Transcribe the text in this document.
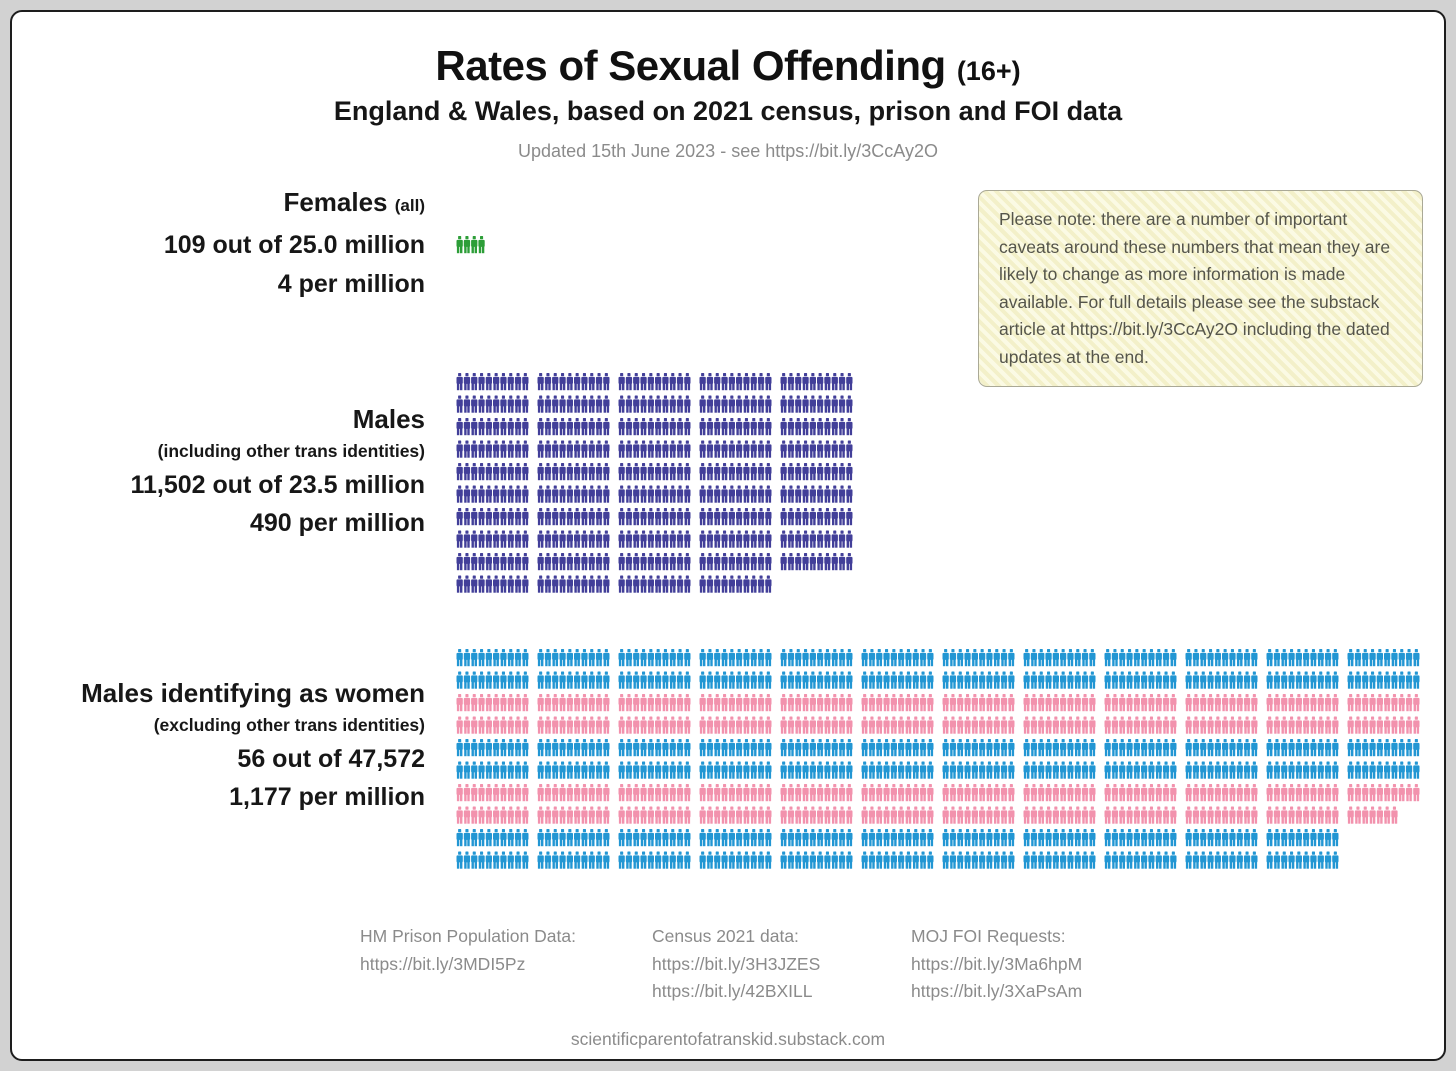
Rates of Sexual Offending (16+)
England & Wales, based on 2021 census, prison and FOI data
Updated 15th June 2023 - see https://bit.ly/3CcAy2O
Please note: there are a number of important caveats around these numbers that mean they are likely to change as more information is made available. For full details please see the substack article at https://bit.ly/3CcAy2O including the dated updates at the end.
Females (all)
109 out of 25.0 million
4 per million
Males
(including other trans identities)
11,502 out of 23.5 million
490 per million
Males identifying as women
(excluding other trans identities)
56 out of 47,572
1,177 per million
HM Prison Population Data:
https://bit.ly/3MDI5Pz
Census 2021 data:
https://bit.ly/3H3JZES
https://bit.ly/42BXILL
MOJ FOI Requests:
https://bit.ly/3Ma6hpM
https://bit.ly/3XaPsAm
scientificparentofatranskid.substack.com
